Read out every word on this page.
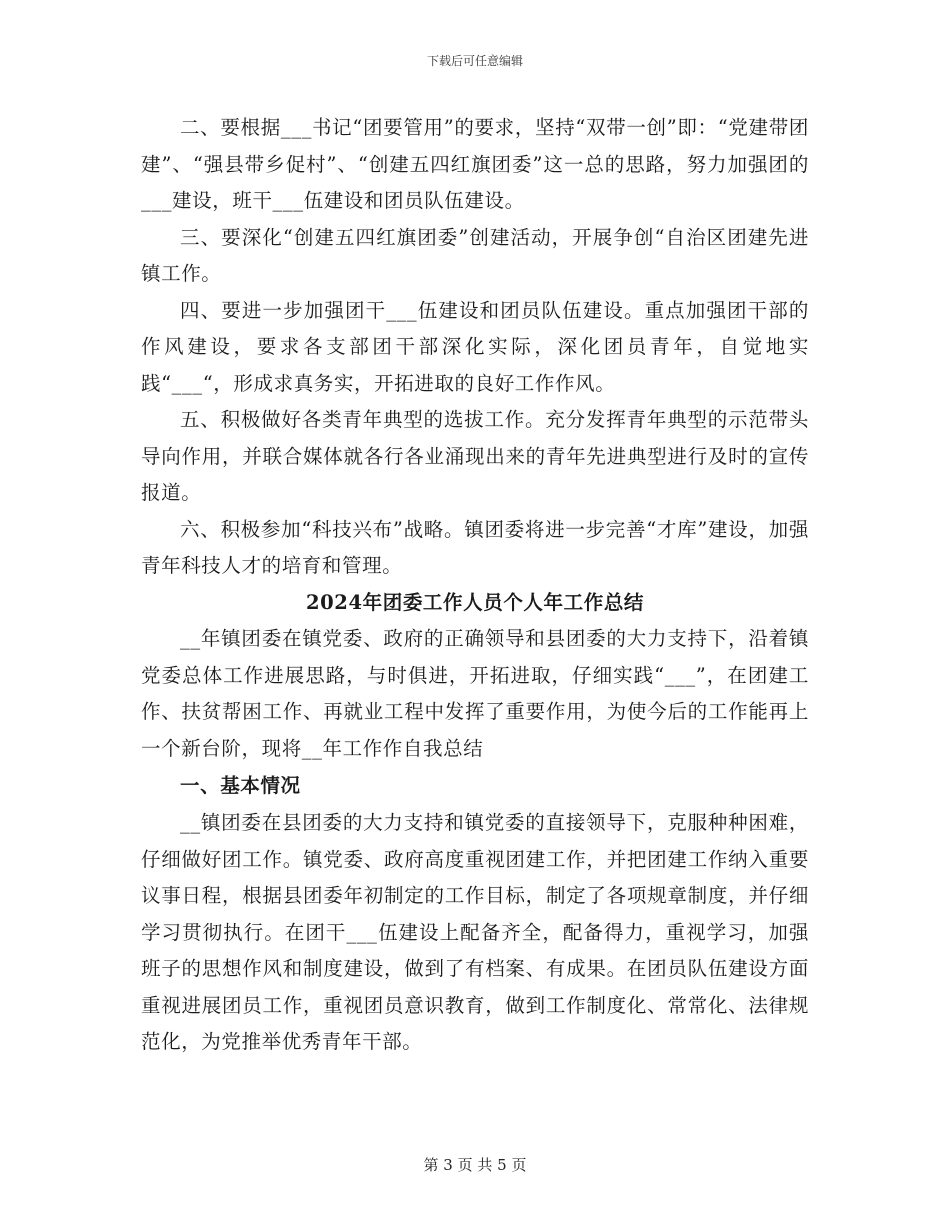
下载后可任意编辑

二、要根据___书记“团要管用”的要求，坚持“双带一创”即：“党建带团建”、“强县带乡促村”、“创建五四红旗团委”这一总的思路，努力加强团的___建设，班干___伍建设和团员队伍建设。

三、要深化“创建五四红旗团委”创建活动，开展争创“自治区团建先进镇工作。

四、要进一步加强团干___伍建设和团员队伍建设。重点加强团干部的作风建设，要求各支部团干部深化实际，深化团员青年，自觉地实践“___“，形成求真务实，开拓进取的良好工作作风。

五、积极做好各类青年典型的选拔工作。充分发挥青年典型的示范带头导向作用，并联合媒体就各行各业涌现出来的青年先进典型进行及时的宣传报道。

六、积极参加“科技兴布”战略。镇团委将进一步完善“才库”建设，加强青年科技人才的培育和管理。

2024年团委工作人员个人年工作总结

__年镇团委在镇党委、政府的正确领导和县团委的大力支持下，沿着镇党委总体工作进展思路，与时俱进，开拓进取，仔细实践“___”，在团建工作、扶贫帮困工作、再就业工程中发挥了重要作用，为使今后的工作能再上一个新台阶，现将__年工作作自我总结

一、基本情况

__镇团委在县团委的大力支持和镇党委的直接领导下，克服种种困难，仔细做好团工作。镇党委、政府高度重视团建工作，并把团建工作纳入重要议事日程，根据县团委年初制定的工作目标，制定了各项规章制度，并仔细学习贯彻执行。在团干___伍建设上配备齐全，配备得力，重视学习，加强班子的思想作风和制度建设，做到了有档案、有成果。在团员队伍建设方面重视进展团员工作，重视团员意识教育，做到工作制度化、常常化、法律规范化，为党推举优秀青年干部。

第 3 页 共 5 页
